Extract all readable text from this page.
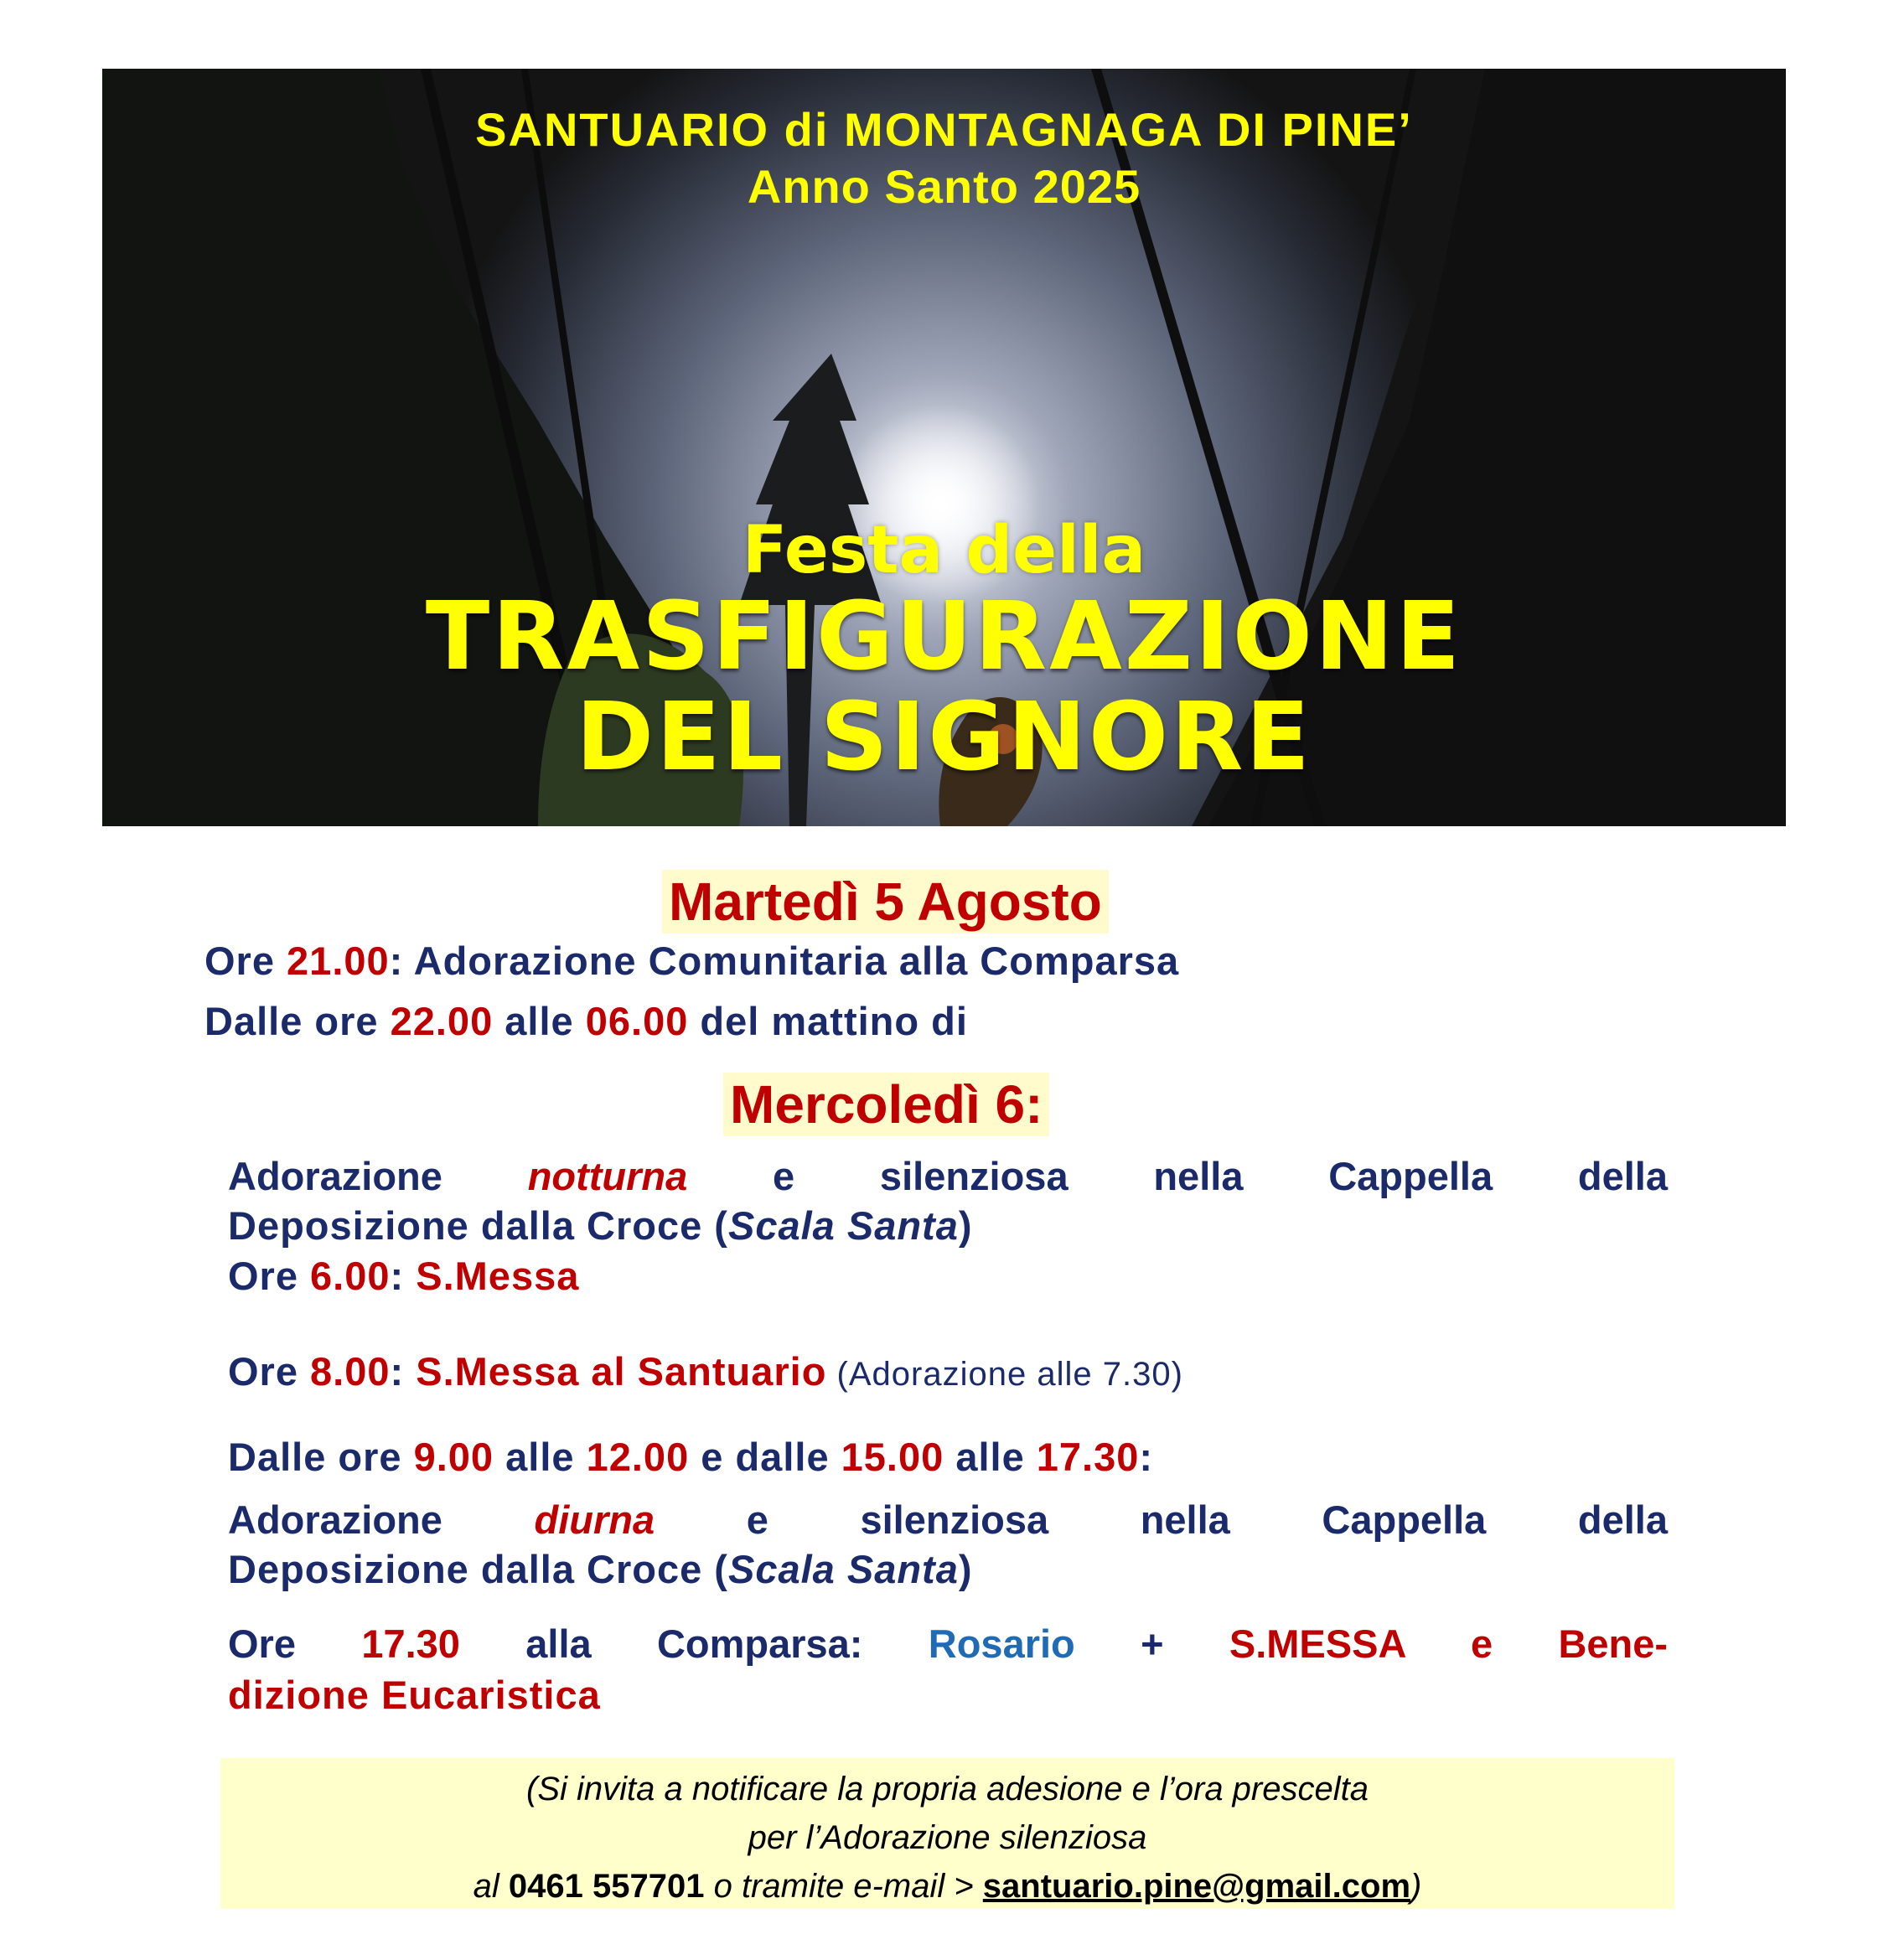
SANTUARIO di MONTAGNAGA DI PINE’
Anno Santo 2025
Festa della
TRASFIGURAZIONE
DEL SIGNORE
Martedì 5 Agosto
Ore 21.00: Adorazione Comunitaria alla Comparsa
Dalle ore 22.00 alle 06.00 del mattino di
Mercoledì 6:
Adorazione notturna e silenziosa nella Cappella della
Deposizione dalla Croce (Scala Santa)
Ore 6.00: S.Messa
Ore 8.00: S.Messa al Santuario (Adorazione alle 7.30)
Dalle ore 9.00 alle 12.00 e dalle 15.00 alle 17.30:
Adorazione diurna e silenziosa nella Cappella della
Deposizione dalla Croce (Scala Santa)
Ore 17.30 alla Comparsa: Rosario + S.MESSA e Bene-
dizione Eucaristica
(Si invita a notificare la propria adesione e l’ora prescelta
per l’Adorazione silenziosa
al 0461 557701 o tramite e-mail > santuario.pine@gmail.com)
